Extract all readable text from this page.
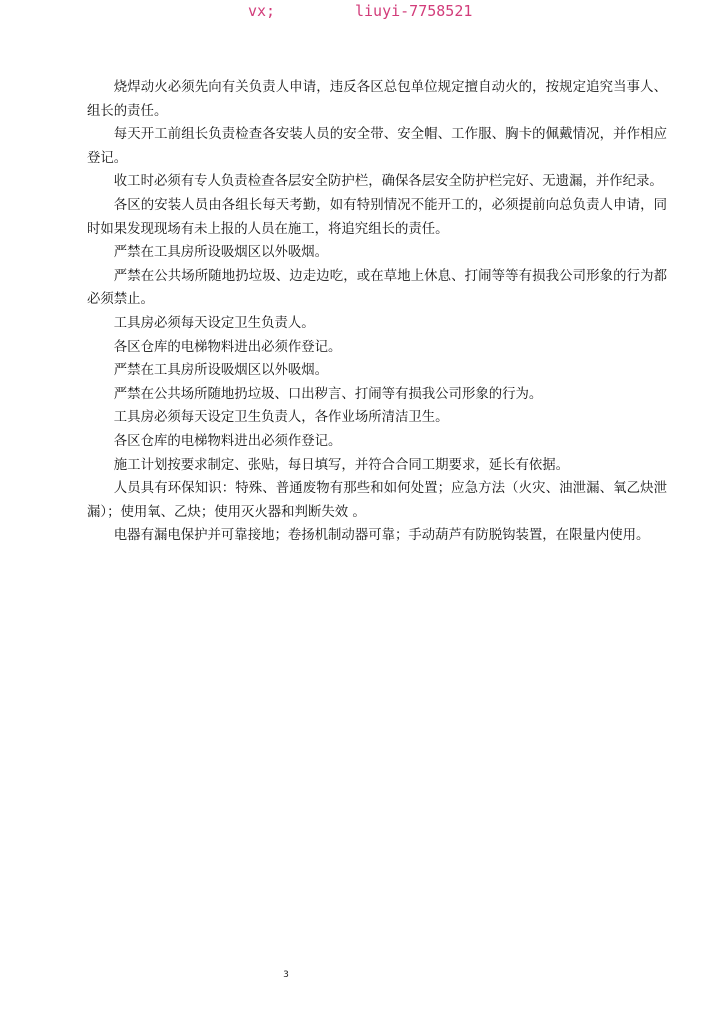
vx;	liuyi-7758521

烧焊动火必须先向有关负责人申请，违反各区总包单位规定擅自动火的，按规定追究当事人、组长的责任。

每天开工前组长负责检查各安装人员的安全带、安全帽、工作服、胸卡的佩戴情况，并作相应登记。

收工时必须有专人负责检查各层安全防护栏，确保各层安全防护栏完好、无遗漏，并作纪录。

各区的安装人员由各组长每天考勤，如有特别情况不能开工的，必须提前向总负责人申请，同时如果发现现场有未上报的人员在施工，将追究组长的责任。

严禁在工具房所设吸烟区以外吸烟。

严禁在公共场所随地扔垃圾、边走边吃，或在草地上休息、打闹等等有损我公司形象的行为都必须禁止。

工具房必须每天设定卫生负责人。

各区仓库的电梯物料进出必须作登记。

严禁在工具房所设吸烟区以外吸烟。

严禁在公共场所随地扔垃圾、口出秽言、打闹等有损我公司形象的行为。

工具房必须每天设定卫生负责人，各作业场所清洁卫生。

各区仓库的电梯物料进出必须作登记。

施工计划按要求制定、张贴，每日填写，并符合合同工期要求，延长有依据。

人员具有环保知识：特殊、普通废物有那些和如何处置；应急方法（火灾、油泄漏、氧乙炔泄漏）；使用氧、乙炔；使用灭火器和判断失效 。

电器有漏电保护并可靠接地；卷扬机制动器可靠；手动葫芦有防脱钩装置，在限量内使用。

3
